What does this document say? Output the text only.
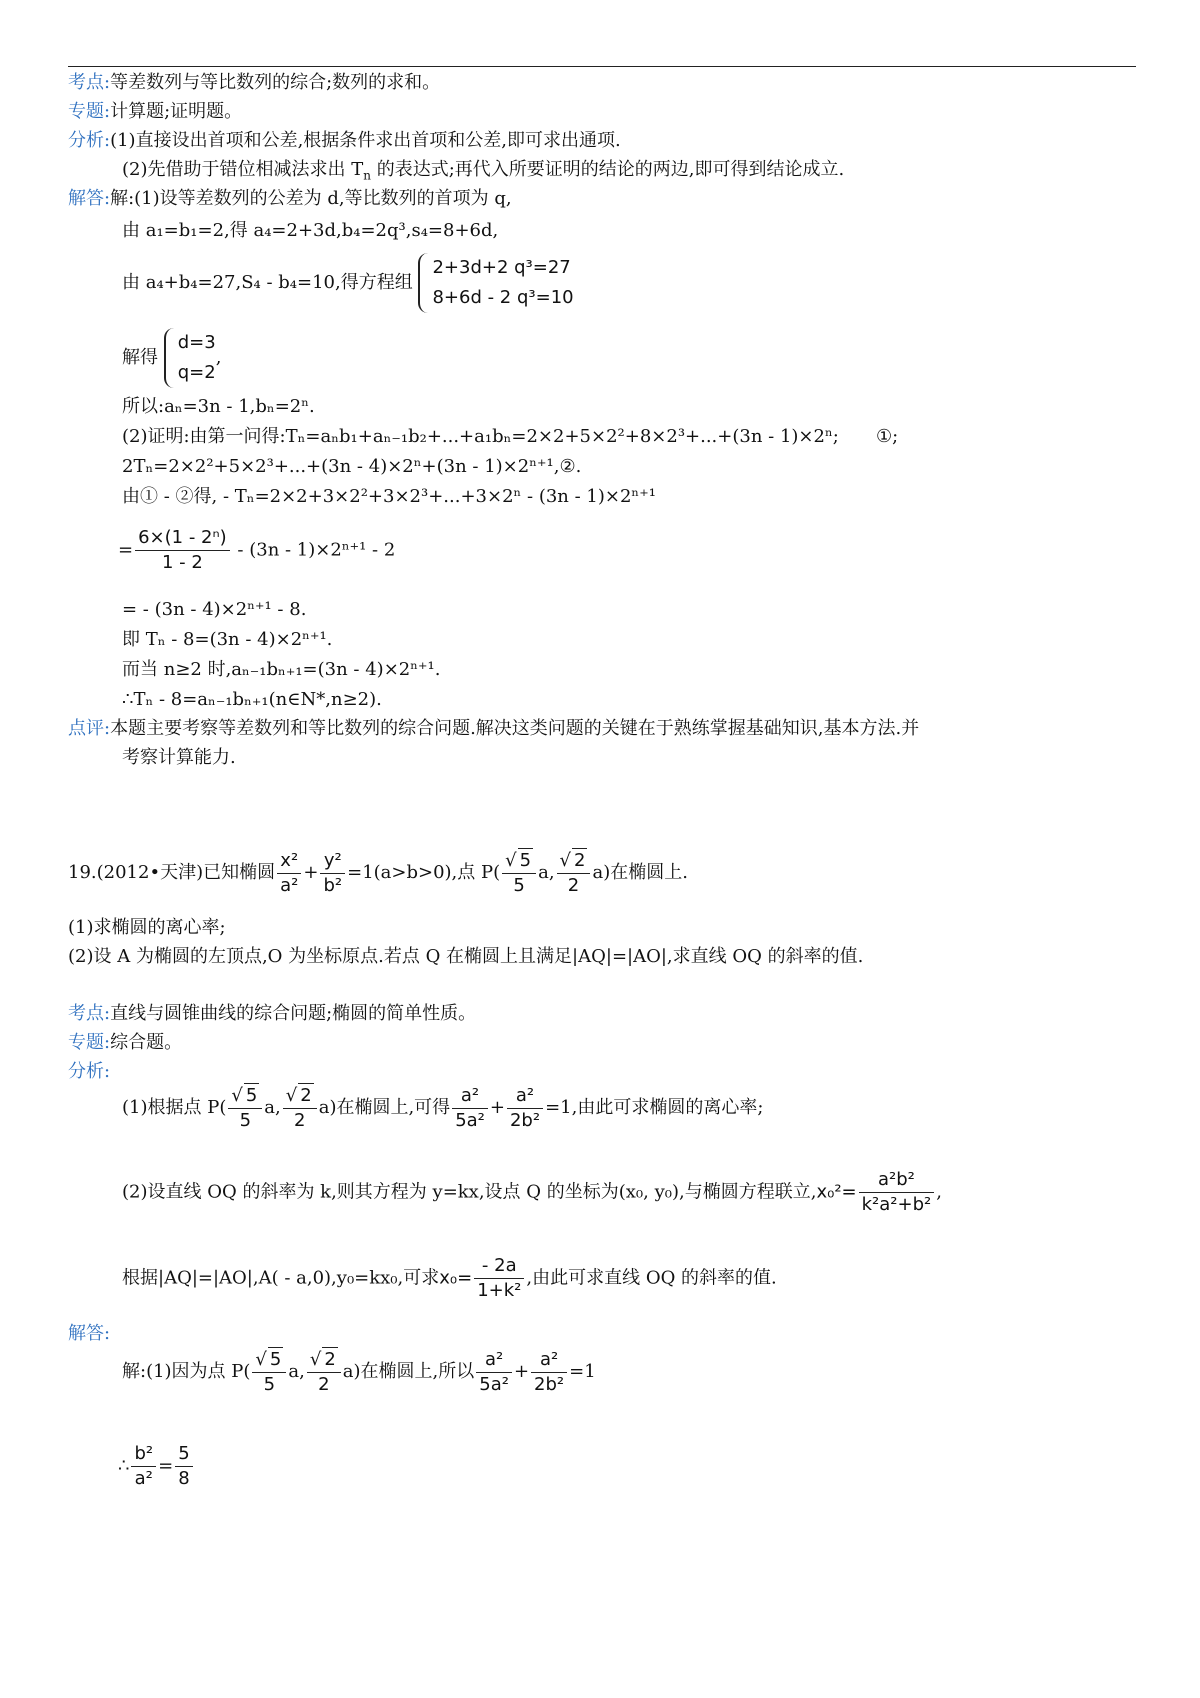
考点:等差数列与等比数列的综合;数列的求和。
专题:计算题;证明题。
分析:(1)直接设出首项和公差,根据条件求出首项和公差,即可求出通项.
(2)先借助于错位相减法求出 $T_n$ 的表达式;再代入所要证明的结论的两边,即可得到结论成立.
解答:解:(1)设等差数列的公差为 d,等比数列的首项为 q,
由 a₁=b₁=2,得 a₄=2+3d,b₄=2q³,s₄=8+6d,
由 a₄+b₄=27,S₄ - b₄=10,得方程组
2+3d+2 q³=27
8+6d - 2 q³=10
解得
d=3
q=2
,
所以:aₙ=3n - 1,bₙ=2ⁿ.
(2)证明:由第一问得:Tₙ=aₙb₁+aₙ₋₁b₂+...+a₁bₙ=2×2+5×2²+8×2³+...+(3n - 1)×2ⁿ; ①;
2Tₙ=2×2²+5×2³+...+(3n - 4)×2ⁿ+(3n - 1)×2ⁿ⁺¹,②.
由① - ②得, - Tₙ=2×2+3×2²+3×2³+...+3×2ⁿ - (3n - 1)×2ⁿ⁺¹
= $\frac{\text{6×(1 - 2ⁿ)}}{1 - 2} - (3n - 1)\times 2^{n+1} - 2$
= - (3n - 4)×2ⁿ⁺¹ - 8.
即 Tₙ - 8=(3n - 4)×2ⁿ⁺¹.
而当 n≥2 时,aₙ₋₁bₙ₊₁=(3n - 4)×2ⁿ⁺¹.
∴Tₙ - 8=aₙ₋₁bₙ₊₁(n∈N*,n≥2).
点评:本题主要考察等差数列和等比数列的综合问题.解决这类问题的关键在于熟练掌握基础知识,基本方法.并
考察计算能力.
19.(2012•天津)已知椭圆 $\frac{\text{x²}}{\text{a²}} + \frac{\text{y²}}{\text{b²}} =1(a>b>0)$,点 $P( \frac{√ 5}{5} a$, $\frac{√ 2}{2} a$)在椭圆上.
(1)求椭圆的离心率;
(2)设 A 为椭圆的左顶点,O 为坐标原点.若点 Q 在椭圆上且满足|AQ|=|AO|,求直线 OQ 的斜率的值.
考点:直线与圆锥曲线的综合问题;椭圆的简单性质。
专题:综合题。
分析:
(1)根据点 $P( \frac{√ 5}{5} a$, $\frac{√ 2}{2} a$)在椭圆上,可得 $\frac{\text{a²}}{\text{5a²}} + \frac{\text{a²}}{\text{2b²}} =1$,由此可求椭圆的离心率;
(2)设直线 OQ 的斜率为 k,则其方程为 y=kx,设点 Q 的坐标为(x₀, y₀),与椭圆方程联立$,x_0^2= \frac{\text{a²b²}}{\text{k²a²+b²}}$ ,
根据|AQ|=|AO|,A( - a,0),y₀=kx₀,可求$x_0= \frac{- 2a}{\text{1+k²}}$ ,由此可求直线 OQ 的斜率的值.
解答:
解:(1)因为点 $P( \frac{√ 5}{5} a$, $\frac{√ 2}{2} a$)在椭圆上,所以 $\frac{\text{a²}}{\text{5a²}} + \frac{\text{a²}}{\text{2b²}} =1$
∴ $\frac{\text{b²}}{\text{a²}} = \frac{5}{8}$
